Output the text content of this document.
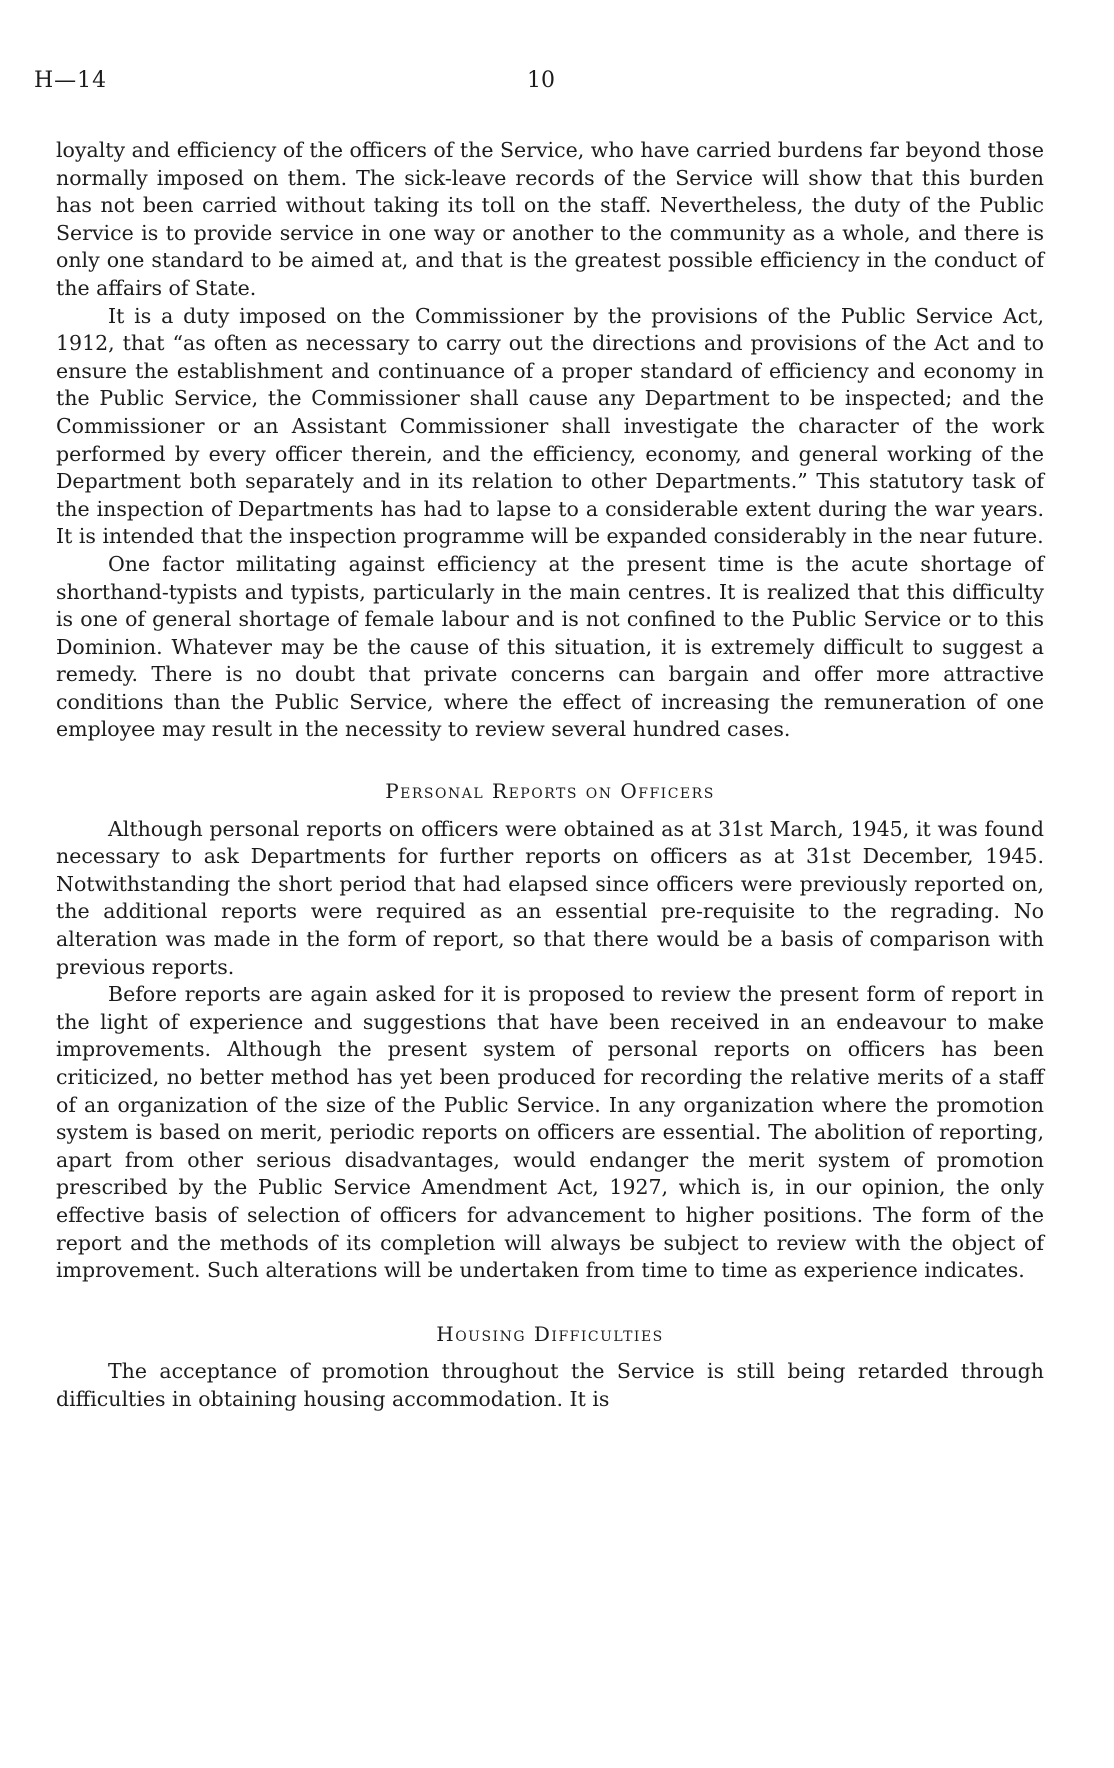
H—14	10

loyalty and efficiency of the officers of the Service, who have carried burdens far beyond those normally imposed on them. The sick-leave records of the Service will show that this burden has not been carried without taking its toll on the staff. Nevertheless, the duty of the Public Service is to provide service in one way or another to the community as a whole, and there is only one standard to be aimed at, and that is the greatest possible efficiency in the conduct of the affairs of State.

It is a duty imposed on the Commissioner by the provisions of the Public Service Act, 1912, that “as often as necessary to carry out the directions and provisions of the Act and to ensure the establishment and continuance of a proper standard of efficiency and economy in the Public Service, the Commissioner shall cause any Department to be inspected; and the Commissioner or an Assistant Commissioner shall investigate the character of the work performed by every officer therein, and the efficiency, economy, and general working of the Department both separately and in its relation to other Departments.” This statutory task of the inspection of Departments has had to lapse to a considerable extent during the war years. It is intended that the inspection programme will be expanded considerably in the near future.

One factor militating against efficiency at the present time is the acute shortage of shorthand-typists and typists, particularly in the main centres. It is realized that this difficulty is one of general shortage of female labour and is not confined to the Public Service or to this Dominion. Whatever may be the cause of this situation, it is extremely difficult to suggest a remedy. There is no doubt that private concerns can bargain and offer more attractive conditions than the Public Service, where the effect of increasing the remuneration of one employee may result in the necessity to review several hundred cases.

Personal Reports on Officers

Although personal reports on officers were obtained as at 31st March, 1945, it was found necessary to ask Departments for further reports on officers as at 31st December, 1945. Notwithstanding the short period that had elapsed since officers were previously reported on, the additional reports were required as an essential pre-requisite to the regrading. No alteration was made in the form of report, so that there would be a basis of comparison with previous reports.

Before reports are again asked for it is proposed to review the present form of report in the light of experience and suggestions that have been received in an endeavour to make improvements. Although the present system of personal reports on officers has been criticized, no better method has yet been produced for recording the relative merits of a staff of an organization of the size of the Public Service. In any organization where the promotion system is based on merit, periodic reports on officers are essential. The abolition of reporting, apart from other serious disadvantages, would endanger the merit system of promotion prescribed by the Public Service Amendment Act, 1927, which is, in our opinion, the only effective basis of selection of officers for advancement to higher positions. The form of the report and the methods of its completion will always be subject to review with the object of improvement. Such alterations will be undertaken from time to time as experience indicates.

Housing Difficulties

The acceptance of promotion throughout the Service is still being retarded through difficulties in obtaining housing accommodation. It is
